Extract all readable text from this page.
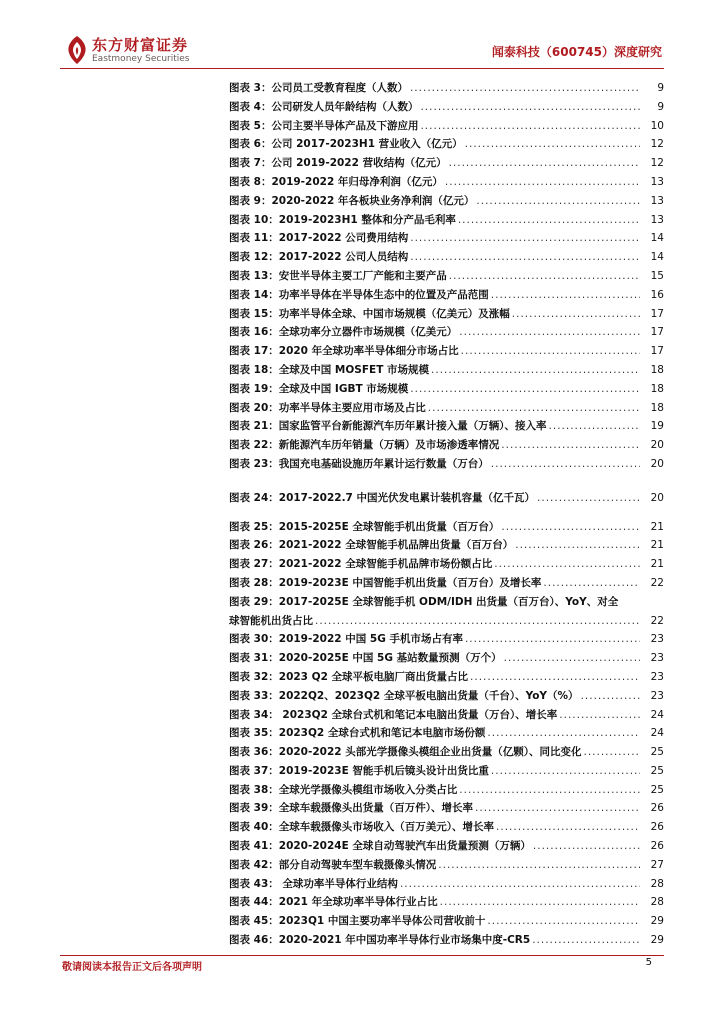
东方财富证券
Eastmoney Securities	闻泰科技（600745）深度研究
图表 3：公司员工受教育程度（人数） .....	9
图表 4：公司研发人员年龄结构（人数） .....	9
图表 5：公司主要半导体产品及下游应用 .....	10
图表 6：公司 2017-2023H1 营业收入（亿元） .....	12
图表 7：公司 2019-2022 营收结构（亿元） .....	12
图表 8：2019-2022 年归母净利润（亿元） .....	13
图表 9：2020-2022 年各板块业务净利润（亿元） .....	13
图表 10：2019-2023H1 整体和分产品毛利率 .....	13
图表 11：2017-2022 公司费用结构 .....	14
图表 12：2017-2022 公司人员结构 .....	14
图表 13：安世半导体主要工厂产能和主要产品 .....	15
图表 14：功率半导体在半导体生态中的位置及产品范围 .....	16
图表 15：功率半导体全球、中国市场规模（亿美元）及涨幅 .....	17
图表 16：全球功率分立器件市场规模（亿美元） .....	17
图表 17：2020 年全球功率半导体细分市场占比 .....	17
图表 18：全球及中国 MOSFET 市场规模 .....	18
图表 19：全球及中国 IGBT 市场规模 .....	18
图表 20：功率半导体主要应用市场及占比 .....	18
图表 21：国家监管平台新能源汽车历年累计接入量（万辆）、接入率 .....	19
图表 22：新能源汽车历年销量（万辆）及市场渗透率情况 .....	20
图表 23：我国充电基础设施历年累计运行数量（万台） .....	20
图表 24：2017-2022.7 中国光伏发电累计装机容量（亿千瓦） .....	20
图表 25：2015-2025E 全球智能手机出货量（百万台） .....	21
图表 26：2021-2022 全球智能手机品牌出货量（百万台） .....	21
图表 27：2021-2022 全球智能手机品牌市场份额占比 .....	21
图表 28：2019-2023E 中国智能手机出货量（百万台）及增长率 .....	22
图表 29：2017-2025E 全球智能手机 ODM/IDH 出货量（百万台）、YoY、对全
球智能机出货占比 .....	22
图表 30：2019-2022 中国 5G 手机市场占有率 .....	23
图表 31：2020-2025E 中国 5G 基站数量预测（万个） .....	23
图表 32：2023 Q2 全球平板电脑厂商出货量占比 .....	23
图表 33：2022Q2、2023Q2 全球平板电脑出货量（千台）、YoY（%） .....	23
图表 34： 2023Q2 全球台式机和笔记本电脑出货量（万台）、增长率 .....	24
图表 35：2023Q2 全球台式机和笔记本电脑市场份额 .....	24
图表 36：2020-2022 头部光学摄像头模组企业出货量（亿颗）、同比变化 .....	25
图表 37：2019-2023E 智能手机后镜头设计出货比重 .....	25
图表 38：全球光学摄像头模组市场收入分类占比 .....	25
图表 39：全球车载摄像头出货量（百万件）、增长率 .....	26
图表 40：全球车载摄像头市场收入（百万美元）、增长率 .....	26
图表 41：2020-2024E 全球自动驾驶汽车出货量预测（万辆） .....	26
图表 42：部分自动驾驶车型车载摄像头情况 .....	27
图表 43： 全球功率半导体行业结构 .....	28
图表 44：2021 年全球功率半导体行业占比 .....	28
图表 45：2023Q1 中国主要功率半导体公司营收前十 .....	29
图表 46：2020-2021 年中国功率半导体行业市场集中度-CR5 .....	29
敬请阅读本报告正文后各项声明	5
